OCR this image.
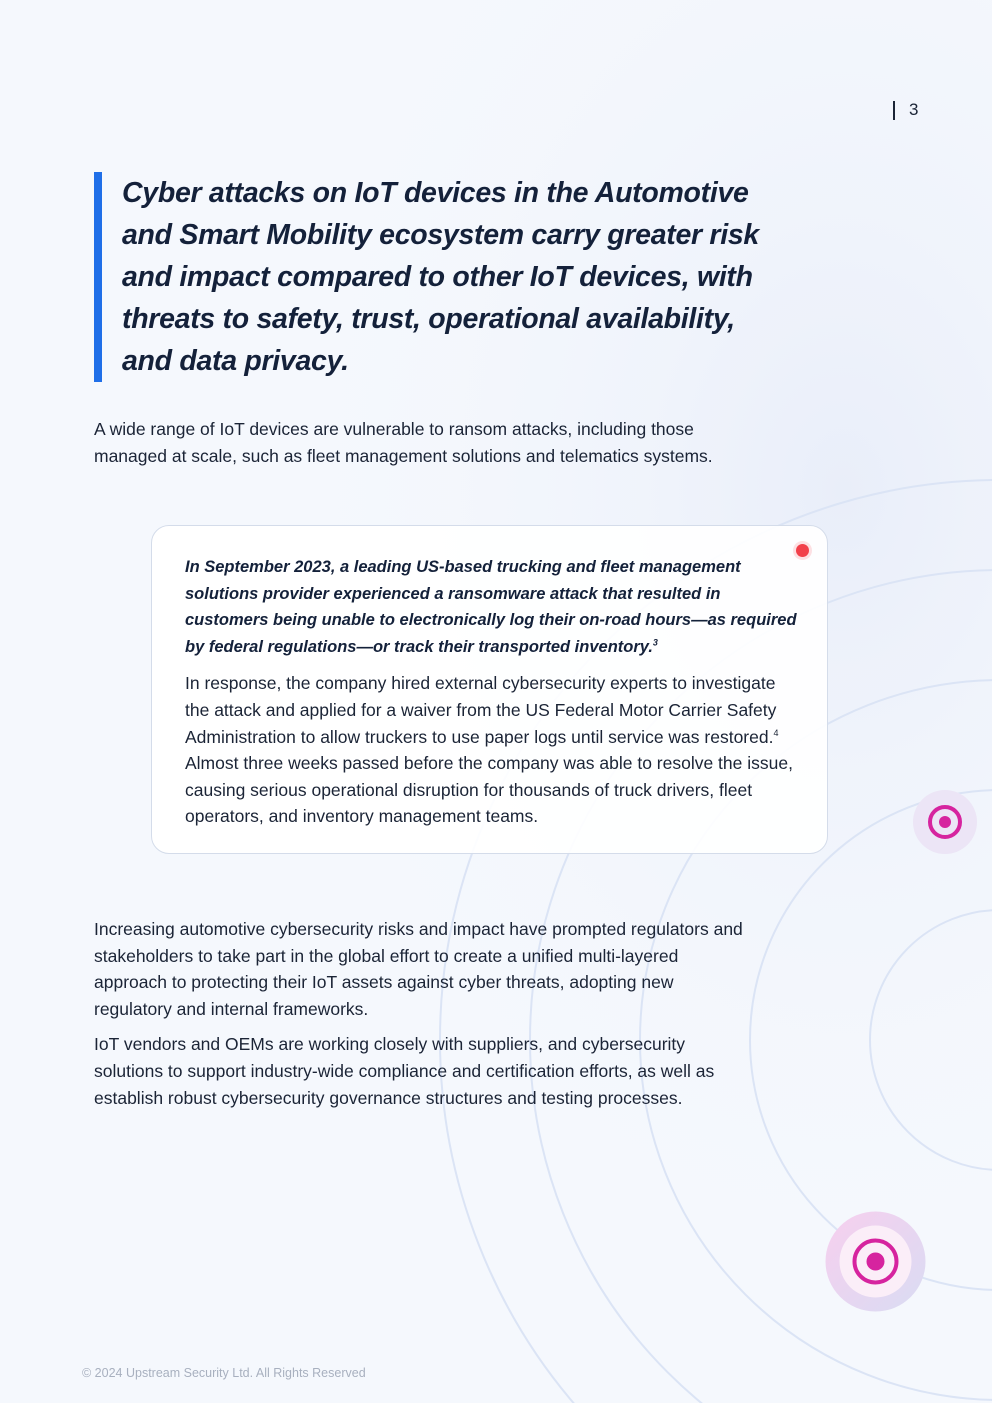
3

Cyber attacks on IoT devices in the Automotive and Smart Mobility ecosystem carry greater risk and impact compared to other IoT devices, with threats to safety, trust, operational availability, and data privacy.

A wide range of IoT devices are vulnerable to ransom attacks, including those managed at scale, such as fleet management solutions and telematics systems.

In September 2023, a leading US-based trucking and fleet management solutions provider experienced a ransomware attack that resulted in customers being unable to electronically log their on-road hours—as required by federal regulations—or track their transported inventory.$^3$

In response, the company hired external cybersecurity experts to investigate the attack and applied for a waiver from the US Federal Motor Carrier Safety Administration to allow truckers to use paper logs until service was restored.$^4$ Almost three weeks passed before the company was able to resolve the issue, causing serious operational disruption for thousands of truck drivers, fleet operators, and inventory management teams.

Increasing automotive cybersecurity risks and impact have prompted regulators and stakeholders to take part in the global effort to create a unified multi-layered approach to protecting their IoT assets against cyber threats, adopting new regulatory and internal frameworks.

IoT vendors and OEMs are working closely with suppliers, and cybersecurity solutions to support industry-wide compliance and certification efforts, as well as establish robust cybersecurity governance structures and testing processes.

© 2024 Upstream Security Ltd. All Rights Reserved
